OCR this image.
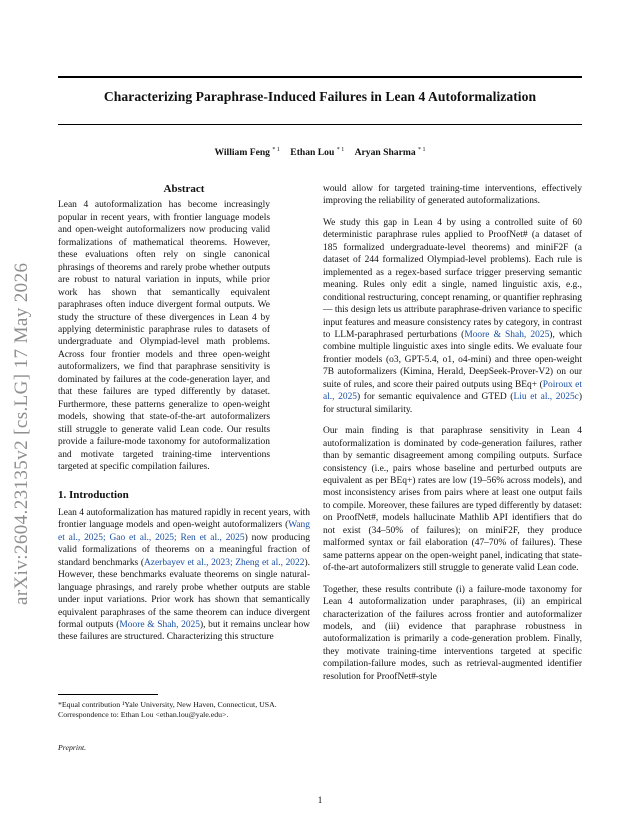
Characterizing Paraphrase-Induced Failures in Lean 4 Autoformalization
William Feng $^{* 1}$ Ethan Lou $^{* 1}$ Aryan Sharma $^{* 1}$
arXiv:2604.23135v2 [cs.LG] 17 May 2026
Abstract

Lean 4 autoformalization has become increasingly popular in recent years, with frontier language models and open-weight autoformalizers now producing valid formalizations of mathematical theorems. However, these evaluations often rely on single canonical phrasings of theorems and rarely probe whether outputs are robust to natural variation in inputs, while prior work has shown that semantically equivalent paraphrases often induce divergent formal outputs. We study the structure of these divergences in Lean 4 by applying deterministic paraphrase rules to datasets of undergraduate and Olympiad-level math problems. Across four frontier models and three open-weight autoformalizers, we find that paraphrase sensitivity is dominated by failures at the code-generation layer, and that these failures are typed differently by dataset. Furthermore, these patterns generalize to open-weight models, showing that state-of-the-art autoformalizers still struggle to generate valid Lean code. Our results provide a failure-mode taxonomy for autoformalization and motivate targeted training-time interventions targeted at specific compilation failures.

1. Introduction

Lean 4 autoformalization has matured rapidly in recent years, with frontier language models and open-weight autoformalizers (Wang et al., 2025; Gao et al., 2025; Ren et al., 2025) now producing valid formalizations of theorems on a meaningful fraction of standard benchmarks (Azerbayev et al., 2023; Zheng et al., 2022). However, these benchmarks evaluate theorems on single natural-language phrasings, and rarely probe whether outputs are stable under input variations. Prior work has shown that semantically equivalent paraphrases of the same theorem can induce divergent formal outputs (Moore & Shah, 2025), but it remains unclear how these failures are structured. Characterizing this structure

would allow for targeted training-time interventions, effectively improving the reliability of generated autoformalizations.

We study this gap in Lean 4 by using a controlled suite of 60 deterministic paraphrase rules applied to ProofNet# (a dataset of 185 formalized undergraduate-level theorems) and miniF2F (a dataset of 244 formalized Olympiad-level problems). Each rule is implemented as a regex-based surface trigger preserving semantic meaning. Rules only edit a single, named linguistic axis, e.g., conditional restructuring, concept renaming, or quantifier rephrasing — this design lets us attribute paraphrase-driven variance to specific input features and measure consistency rates by category, in contrast to LLM-paraphrased perturbations (Moore & Shah, 2025), which combine multiple linguistic axes into single edits. We evaluate four frontier models (o3, GPT-5.4, o1, o4-mini) and three open-weight 7B autoformalizers (Kimina, Herald, DeepSeek-Prover-V2) on our suite of rules, and score their paired outputs using BEq+ (Poiroux et al., 2025) for semantic equivalence and GTED (Liu et al., 2025c) for structural similarity.

Our main finding is that paraphrase sensitivity in Lean 4 autoformalization is dominated by code-generation failures, rather than by semantic disagreement among compiling outputs. Surface consistency (i.e., pairs whose baseline and perturbed outputs are equivalent as per BEq+) rates are low (19–56% across models), and most inconsistency arises from pairs where at least one output fails to compile. Moreover, these failures are typed differently by dataset: on ProofNet#, models hallucinate Mathlib API identifiers that do not exist (34–50% of failures); on miniF2F, they produce malformed syntax or fail elaboration (47–70% of failures). These same patterns appear on the open-weight panel, indicating that state-of-the-art autoformalizers still struggle to generate valid Lean code.

Together, these results contribute (i) a failure-mode taxonomy for Lean 4 autoformalization under paraphrases, (ii) an empirical characterization of the failures across frontier and autoformalizer models, and (iii) evidence that paraphrase robustness in autoformalization is primarily a code-generation problem. Finally, they motivate training-time interventions targeted at specific compilation-failure modes, such as retrieval-augmented identifier resolution for ProofNet#-style

*Equal contribution ¹Yale University, New Haven, Connecticut, USA. Correspondence to: Ethan Lou <ethan.lou@yale.edu>.
Preprint.
1
